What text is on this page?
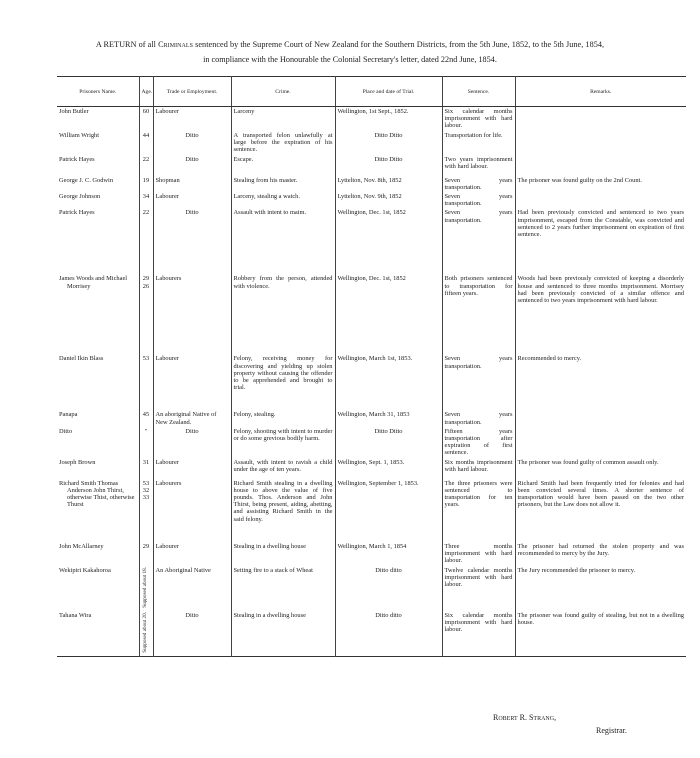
A RETURN of all Criminals sentenced by the Supreme Court of New Zealand for the Southern Districts, from the 5th June, 1852, to the 5th June, 1854,
in compliance with the Honourable the Colonial Secretary's letter, dated 22nd June, 1854.
Prisoners Name.	Age.	Trade or Employment.	Crime.	Place and date of Trial.	Sentence.	Remarks.

John Butler	60	Labourer	Larceny	Wellington, 1st Sept., 1852.	Six calendar months imprisonment with hard labour.	

William Wright	44	Ditto	A transported felon unlawfully at large before the expiration of his sentence.	Ditto Ditto	Transportation for life.	

Patrick Hayes	22	Ditto	Escape.	Ditto Ditto	Two years imprisonment with hard labour.	

George J. C. Godwin	19	Shopman	Stealing from his master.	Lyttelton, Nov. 8th, 1852	Seven years transportation.	The prisoner was found guilty on the 2nd Count.

George Johnson	34	Labourer	Larceny, stealing a watch.	Lyttelton, Nov. 9th, 1852	Seven years transportation.	

Patrick Hayes	22	Ditto	Assault with intent to maim.	Wellington, Dec. 1st, 1852	Seven years transportation.	Had been previously convicted and sentenced to two years imprisonment, escaped from the Constable, was convicted and sentenced to 2 years further imprisonment on expiration of first sentence.

James Woods and Michael Morrisey	29 26	Labourers	Robbery from the person, attended with violence.	Wellington, Dec. 1st, 1852	Both prisoners sentenced to transportation for fifteen years.	Woods had been previously convicted of keeping a disorderly house and sentenced to three months imprisonment. Morrisey had been previously convicted of a similar offence and sentenced to two years imprisonment with hard labour.

Daniel Ikin Blass	53	Labourer	Felony, receiving money for discovering and yielding up stolen property without causing the offender to be apprehended and brought to trial.	Wellington, March 1st, 1853.	Seven years transportation.	Recommended to mercy.

Panapa	45	An aboriginal Native of New Zealand.	Felony, stealing.	Wellington, March 31, 1853	Seven years transportation.	

Ditto	"	Ditto	Felony, shooting with intent to murder or do some grevious bodily harm.	Ditto Ditto	Fifteen years transportation after expiration of first sentence.	

Joseph Brown	31	Labourer	Assault, with intent to ravish a child under the age of ten years.	Wellington, Sept. 1, 1853.	Six months imprisonment with hard labour.	The prisoner was found guilty of common assault only.

Richard Smith Thomas Anderson John Thirst, otherwise Thist, otherwise Thurst	53 32 33	Labourers	Richard Smith stealing in a dwelling house to above the value of five pounds. Thos. Anderson and John Thirst, being present, aiding, abetting, and assisting Richard Smith in the said felony.	Wellington, September 1, 1853.	The three prisoners were sentenced to transportation for ten years.	Richard Smith had been frequently tried for felonies and had been convicted several times. A shorter sentence of transportation would have been passed on the two other prisoners, but the Law does not allow it.

John McAllarney	29	Labourer	Stealing in a dwelling house	Wellington, March 1, 1854	Three months imprisonment with hard labour.	The prisoner had returned the stolen property and was recommended to mercy by the Jury.

Wekipiri Kakahoroa	Supposed about 18.	An Aboriginal Native	Setting fire to a stack of Wheat	Ditto ditto	Twelve calendar months imprisonment with hard labour.	The Jury recommended the prisoner to mercy.

Tahana Wira	Supposed about 20.	Ditto	Stealing in a dwelling house	Ditto ditto	Six calendar months imprisonment with hard labour.	The prisoner was found guilty of stealing, but not in a dwelling house.
Robert R. Strang,
Registrar.
